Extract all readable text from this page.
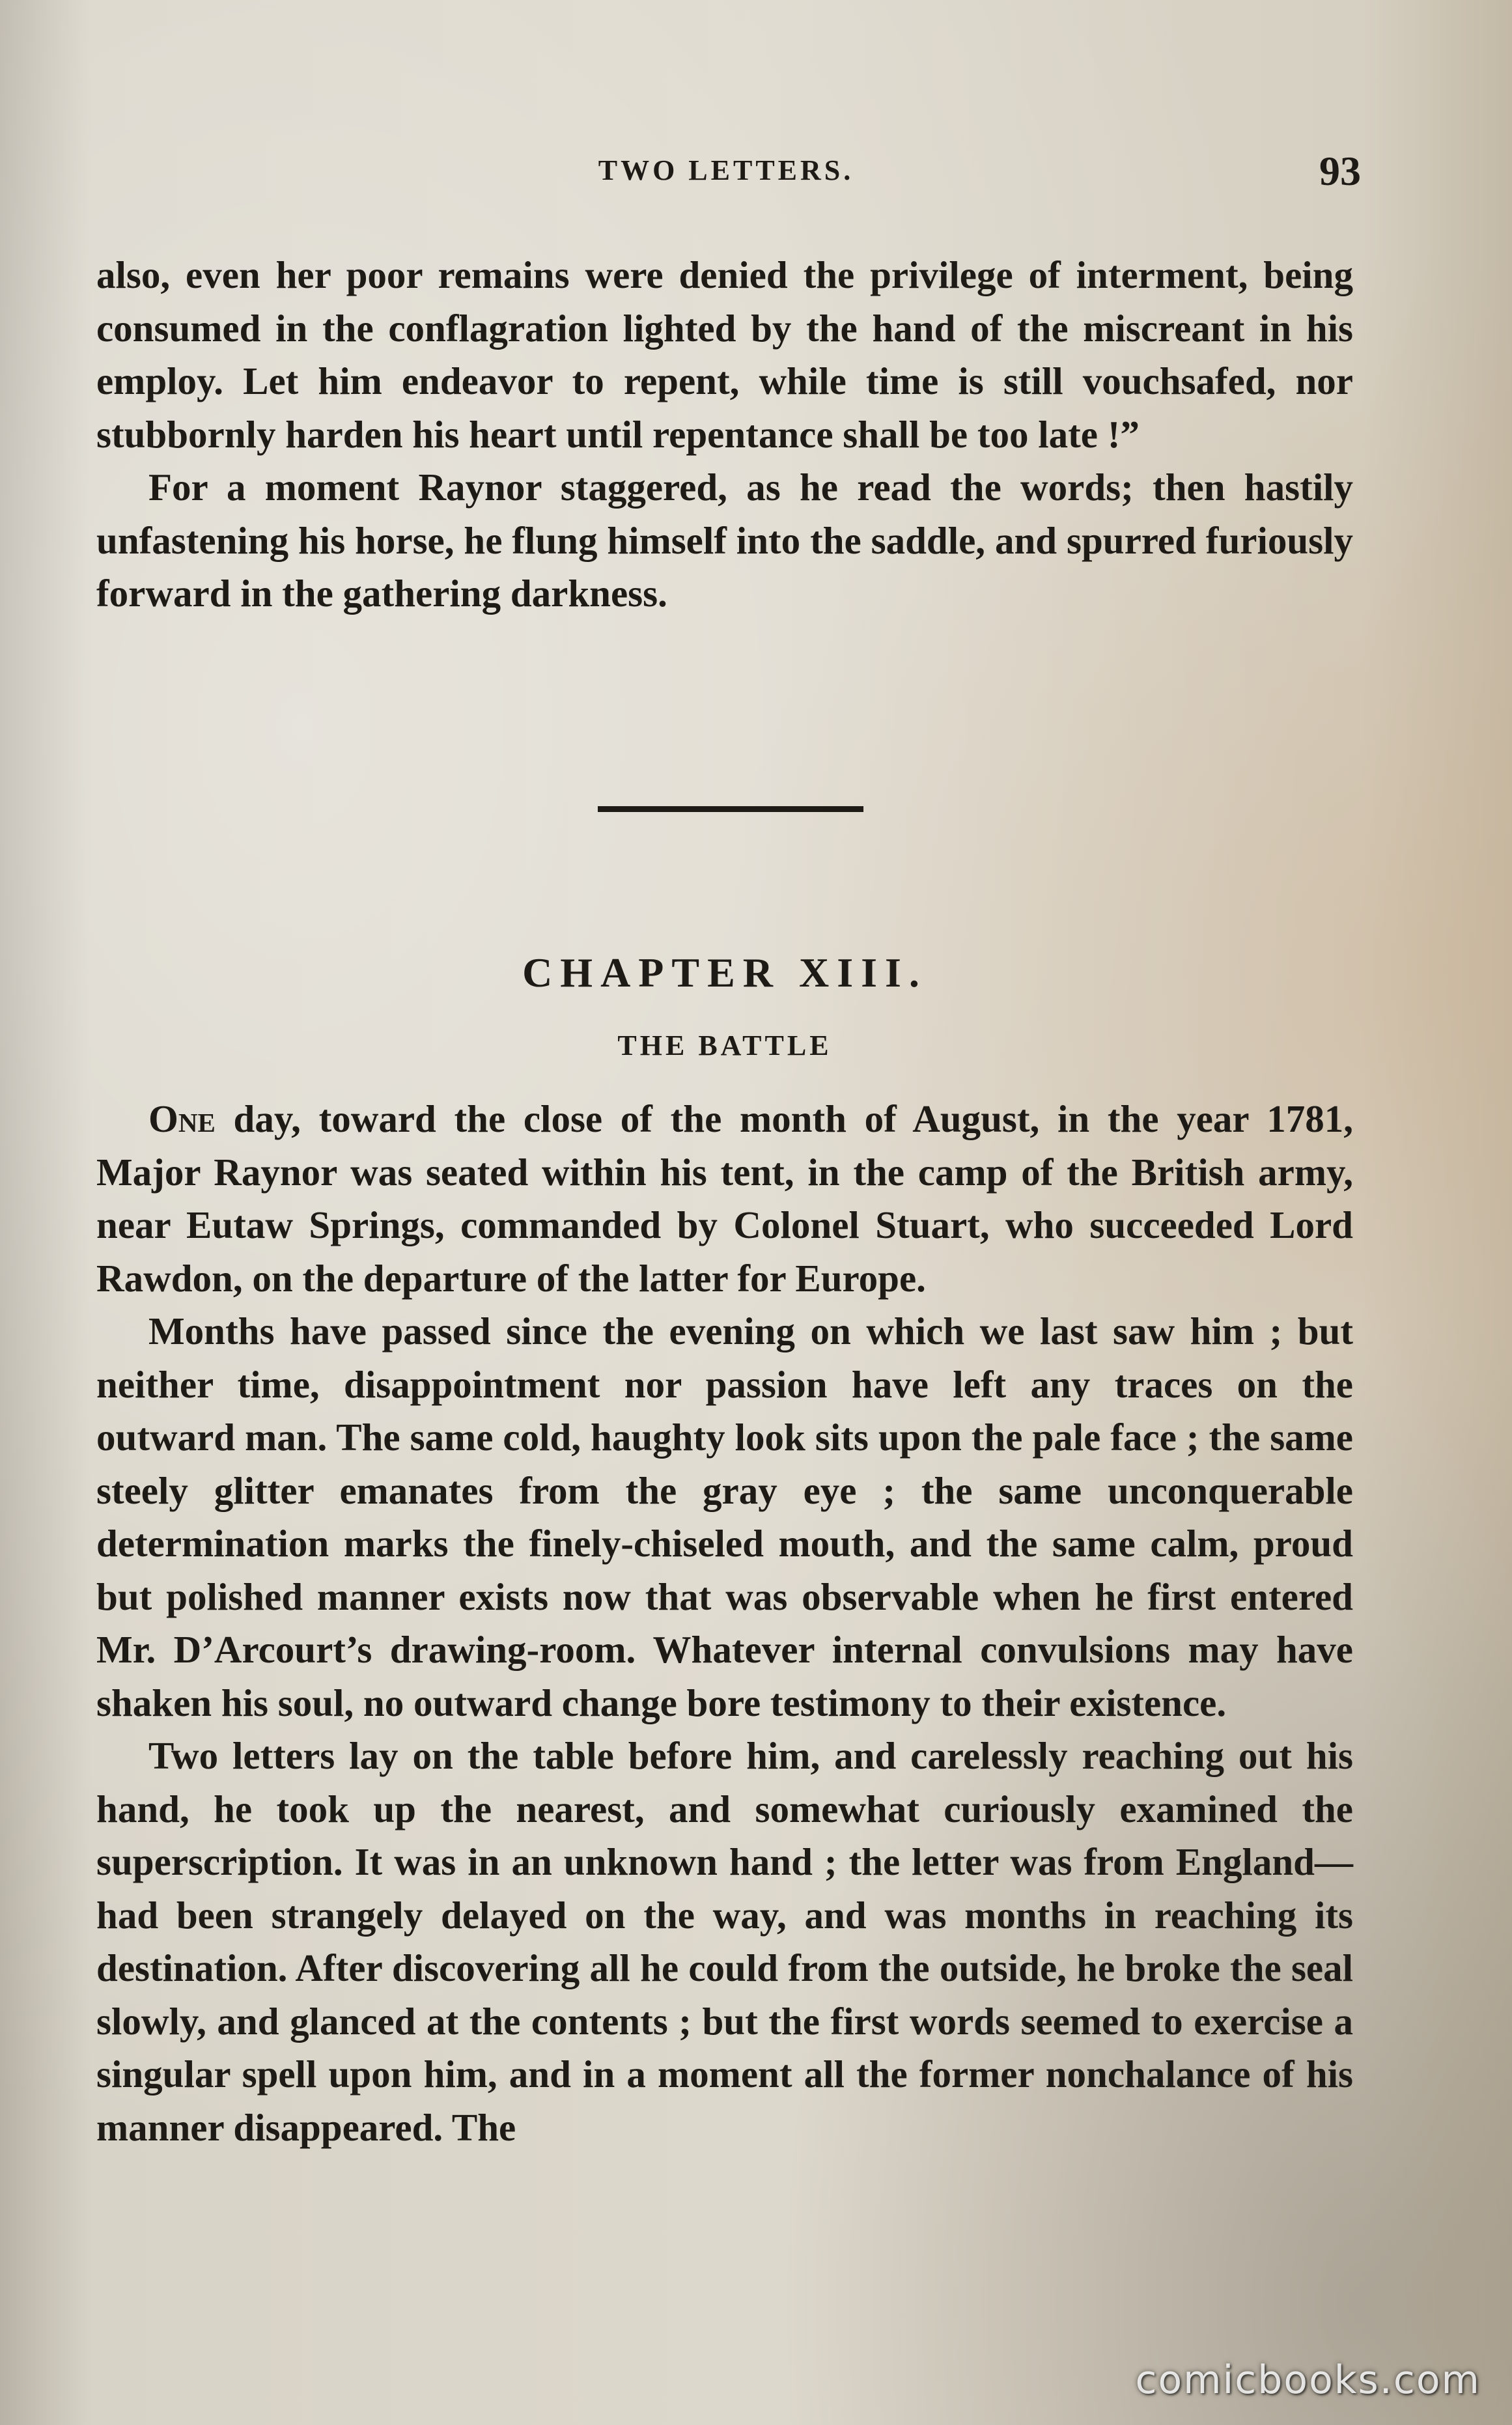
TWO LETTERS.	93

also, even her poor remains were denied the privilege of interment, being consumed in the conflagration lighted by the hand of the miscreant in his employ. Let him endeavor to repent, while time is still vouchsafed, nor stubbornly harden his heart until repentance shall be too late !”

For a moment Raynor staggered, as he read the words; then hastily unfastening his horse, he flung himself into the saddle, and spurred furiously forward in the gathering darkness.

CHAPTER XIII.
THE BATTLE

One day, toward the close of the month of August, in the year 1781, Major Raynor was seated within his tent, in the camp of the British army, near Eutaw Springs, commanded by Colonel Stuart, who succeeded Lord Rawdon, on the departure of the latter for Europe.

Months have passed since the evening on which we last saw him ; but neither time, disappointment nor passion have left any traces on the outward man. The same cold, haughty look sits upon the pale face ; the same steely glitter emanates from the gray eye ; the same unconquerable determination marks the finely-chiseled mouth, and the same calm, proud but polished manner exists now that was observable when he first entered Mr. D’Arcourt’s drawing-room. Whatever internal convulsions may have shaken his soul, no outward change bore testimony to their existence.

Two letters lay on the table before him, and carelessly reaching out his hand, he took up the nearest, and somewhat curiously examined the superscription. It was in an unknown hand ; the letter was from England—had been strangely delayed on the way, and was months in reaching its destination. After discovering all he could from the outside, he broke the seal slowly, and glanced at the contents ; but the first words seemed to exercise a singular spell upon him, and in a moment all the former nonchalance of his manner disappeared. The

comicbooks.com
